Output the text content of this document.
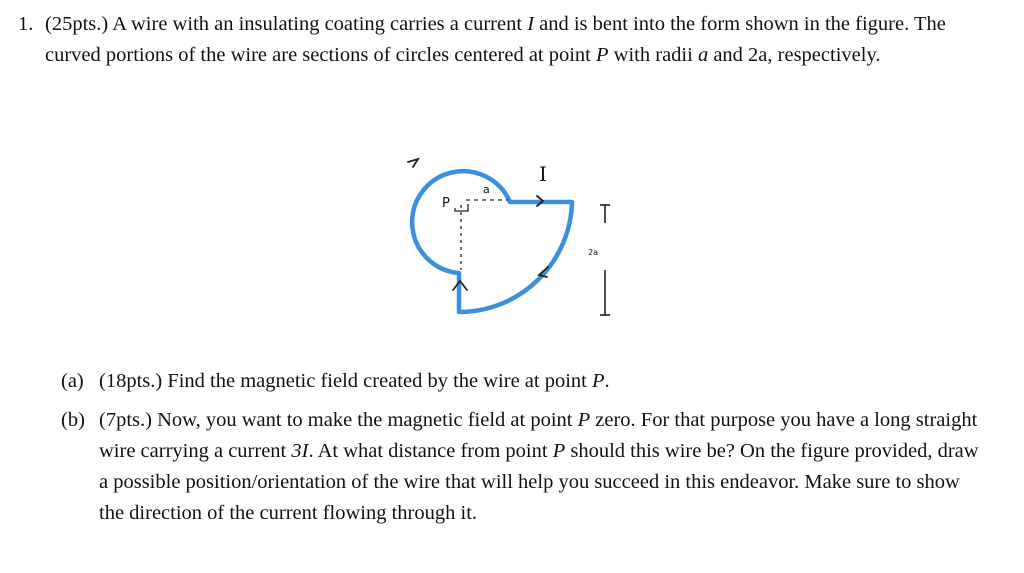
1. (25pts.) A wire with an insulating coating carries a current I and is bent into the form shown in the figure. The curved portions of the wire are sections of circles centered at point P with radii a and 2a, respectively.
P
a
I
2a
(a) (18pts.) Find the magnetic field created by the wire at point P.
(b) (7pts.) Now, you want to make the magnetic field at point P zero. For that purpose you have a long straight wire carrying a current 3I. At what distance from point P should this wire be? On the figure provided, draw a possible position/orientation of the wire that will help you succeed in this endeavor. Make sure to show the direction of the current flowing through it.
